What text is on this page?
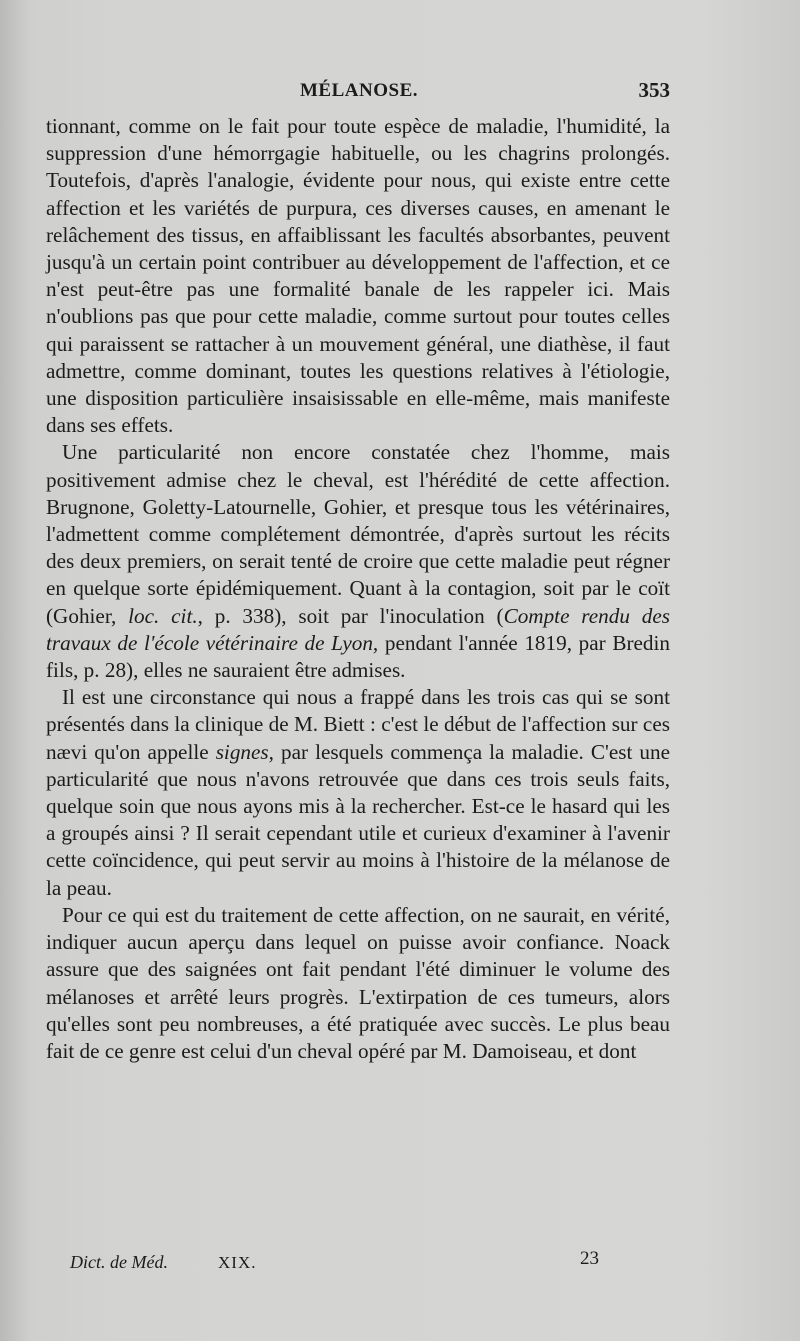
MÉLANOSE.	353

tionnant, comme on le fait pour toute espèce de maladie, l'humidité, la suppression d'une hémorrgagie habituelle, ou les chagrins prolongés. Toutefois, d'après l'analogie, évidente pour nous, qui existe entre cette affection et les variétés de purpura, ces diverses causes, en amenant le relâchement des tissus, en affaiblissant les facultés absorbantes, peuvent jusqu'à un certain point contribuer au développement de l'affection, et ce n'est peut-être pas une formalité banale de les rappeler ici. Mais n'oublions pas que pour cette maladie, comme surtout pour toutes celles qui paraissent se rattacher à un mouvement général, une diathèse, il faut admettre, comme dominant, toutes les questions relatives à l'étiologie, une disposition particulière insaisissable en elle-même, mais manifeste dans ses effets.

Une particularité non encore constatée chez l'homme, mais positivement admise chez le cheval, est l'hérédité de cette affection. Brugnone, Goletty-Latournelle, Gohier, et presque tous les vétérinaires, l'admettent comme complétement démontrée, d'après surtout les récits des deux premiers, on serait tenté de croire que cette maladie peut régner en quelque sorte épidémiquement. Quant à la contagion, soit par le coït (Gohier, loc. cit., p. 338), soit par l'inoculation (Compte rendu des travaux de l'école vétérinaire de Lyon, pendant l'année 1819, par Bredin fils, p. 28), elles ne sauraient être admises.

Il est une circonstance qui nous a frappé dans les trois cas qui se sont présentés dans la clinique de M. Biett : c'est le début de l'affection sur ces nævi qu'on appelle signes, par lesquels commença la maladie. C'est une particularité que nous n'avons retrouvée que dans ces trois seuls faits, quelque soin que nous ayons mis à la rechercher. Est-ce le hasard qui les a groupés ainsi ? Il serait cependant utile et curieux d'examiner à l'avenir cette coïncidence, qui peut servir au moins à l'histoire de la mélanose de la peau.

Pour ce qui est du traitement de cette affection, on ne saurait, en vérité, indiquer aucun aperçu dans lequel on puisse avoir confiance. Noack assure que des saignées ont fait pendant l'été diminuer le volume des mélanoses et arrêté leurs progrès. L'extirpation de ces tumeurs, alors qu'elles sont peu nombreuses, a été pratiquée avec succès. Le plus beau fait de ce genre est celui d'un cheval opéré par M. Damoiseau, et dont

Dict. de Méd.	XIX.	23
